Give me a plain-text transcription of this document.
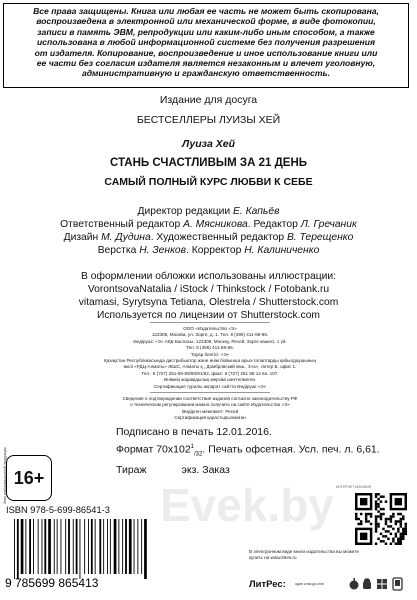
Все права защищены. Книга или любая ее часть не может быть скопирована,
воспроизведена в электронной или механической форме, в виде фотокопии,
записи в память ЭВМ, репродукции или каким-либо иным способом, а также
использована в любой информационной системе без получения разрешения
от издателя. Копирование, воспроизведение и иное использование книги или
ее части без согласия издателя является незаконным и влечет уголовную,
административную и гражданскую ответственность.
Издание для досуга
БЕСТСЕЛЛЕРЫ ЛУИЗЫ ХЕЙ
Луиза Хей
СТАНЬ СЧАСТЛИВЫМ ЗА 21 ДЕНЬ
САМЫЙ ПОЛНЫЙ КУРС ЛЮБВИ К СЕБЕ
Директор редакции Е. Капьёв
Ответственный редактор А. Мясникова. Редактор Л. Гречаник
Дизайн М. Дудина. Художественный редактор В. Терещенко
Верстка Н. Зенков. Корректор Н. Калиниченко
В оформлении обложки использованы иллюстрации:
VorontsovaNatalia / iStock / Thinkstock / Fotobank.ru
vitamasi, Syrytsyna Tetiana, Olestrela / Shutterstock.com
Используется по лицензии от Shutterstock.com
ООО «Издательство «Э»
123308, Москва, ул. Зорге, д. 1. Тел. 8 (495) 411-68-86.
Өндіруші: «Э» АҚБ Баспасы, 123308, Мәскеу, Ресей, Зорге көшесі, 1 үй.
Тел. 8 (495) 411-68-86.
Тауар белгісі: «Э»
Қазақстан Республикасында дистрибьютор және өнім бойынша арыз-талаптарды қабылдаушының
өкілі «РДЦ-Алматы» ЖШС, Алматы қ., Домбровский көш., 3«а», литер Б, офис 1.
Тел.: 8 (727) 251-59-89/90/91/92, факс: 8 (727) 251 58 12 вн. 107.
Өнімнің жарамдылық мерзімі шектелмеген.
Сертификация туралы ақпарат сайтта Өндіруші «Э»
Сведения о подтверждении соответствия издания согласно законодательству РФ
о техническом регулировании можно получить на сайте Издательства «Э»
Өндірген мемлекет: Ресей
Сертификация қарастырылмаған
Подписано в печать 12.01.2016.
Формат $70x102^1_{/32}$. Печать офсетная. Усл. печ. л. 6,61.
Тираж            экз. Заказ
Знак информационной продукции 16+
Evek.by
ISBN 978-5-699-86541-3
9 785699 865413
ИНТЕРНЕТ-МАГАЗИН
В электронном виде книги издательства вы можете
купить на www.litres.ru
ЛитРес:	один клик до книг
